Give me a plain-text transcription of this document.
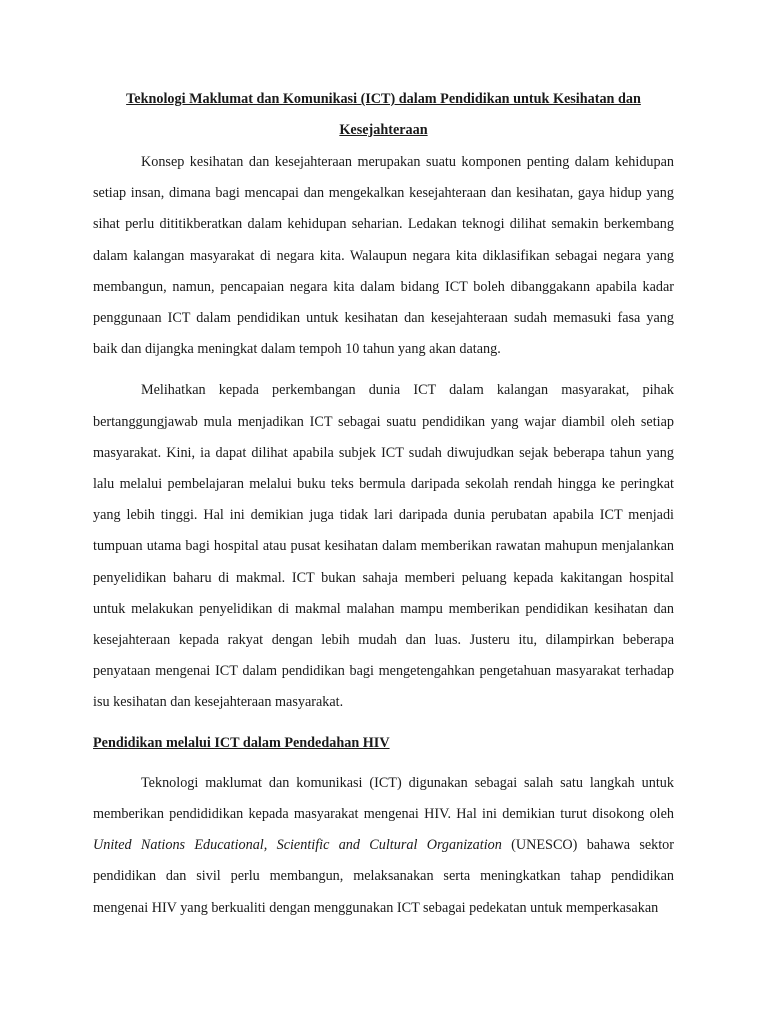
Teknologi Maklumat dan Komunikasi (ICT) dalam Pendidikan untuk Kesihatan dan Kesejahteraan

Konsep kesihatan dan kesejahteraan merupakan suatu komponen penting dalam kehidupan setiap insan, dimana bagi mencapai dan mengekalkan kesejahteraan dan kesihatan, gaya hidup yang sihat perlu dititikberatkan dalam kehidupan seharian. Ledakan teknogi dilihat semakin berkembang dalam kalangan masyarakat di negara kita. Walaupun negara kita diklasifikan sebagai negara yang membangun, namun, pencapaian negara kita dalam bidang ICT boleh dibanggakann apabila kadar penggunaan ICT dalam pendidikan untuk kesihatan dan kesejahteraan sudah memasuki fasa yang baik dan dijangka meningkat dalam tempoh 10 tahun yang akan datang.

Melihatkan kepada perkembangan dunia ICT dalam kalangan masyarakat, pihak bertanggungjawab mula menjadikan ICT sebagai suatu pendidikan yang wajar diambil oleh setiap masyarakat. Kini, ia dapat dilihat apabila subjek ICT sudah diwujudkan sejak beberapa tahun yang lalu melalui pembelajaran melalui buku teks bermula daripada sekolah rendah hingga ke peringkat yang lebih tinggi. Hal ini demikian juga tidak lari daripada dunia perubatan apabila ICT menjadi tumpuan utama bagi hospital atau pusat kesihatan dalam memberikan rawatan mahupun menjalankan penyelidikan baharu di makmal. ICT bukan sahaja memberi peluang kepada kakitangan hospital untuk melakukan penyelidikan di makmal malahan mampu memberikan pendidikan kesihatan dan kesejahteraan kepada rakyat dengan lebih mudah dan luas. Justeru itu, dilampirkan beberapa penyataan mengenai ICT dalam pendidikan bagi mengetengahkan pengetahuan masyarakat terhadap isu kesihatan dan kesejahteraan masyarakat.

Pendidikan melalui ICT dalam Pendedahan HIV

Teknologi maklumat dan komunikasi (ICT) digunakan sebagai salah satu langkah untuk memberikan pendididikan kepada masyarakat mengenai HIV. Hal ini demikian turut disokong oleh United Nations Educational, Scientific and Cultural Organization (UNESCO) bahawa sektor pendidikan dan sivil perlu membangun, melaksanakan serta meningkatkan tahap pendidikan mengenai HIV yang berkualiti dengan menggunakan ICT sebagai pedekatan untuk memperkasakan
